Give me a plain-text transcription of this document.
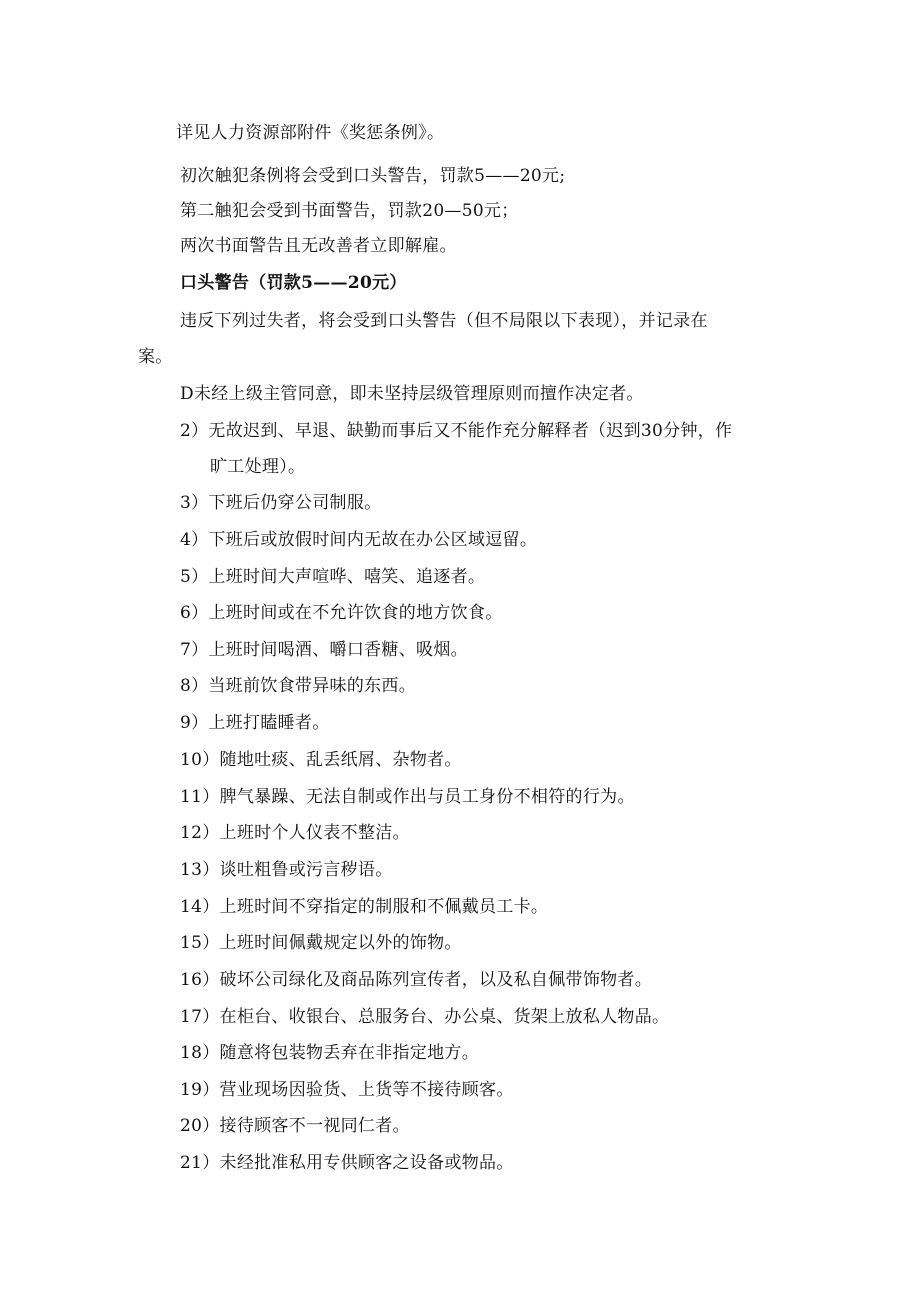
详见人力资源部附件《奖惩条例》。
初次触犯条例将会受到口头警告，罚款5——20元;
第二触犯会受到书面警告，罚款20—50元；
两次书面警告且无改善者立即解雇。
口头警告（罚款5——20元）
违反下列过失者，将会受到口头警告（但不局限以下表现），并记录在
案。
D未经上级主管同意，即未坚持层级管理原则而擅作决定者。
2）无故迟到、早退、缺勤而事后又不能作充分解释者（迟到30分钟，作
旷工处理）。
3）下班后仍穿公司制服。
4）下班后或放假时间内无故在办公区域逗留。
5）上班时间大声喧哗、嘻笑、追逐者。
6）上班时间或在不允许饮食的地方饮食。
7）上班时间喝酒、嚼口香糖、吸烟。
8）当班前饮食带异味的东西。
9）上班打瞌睡者。
10）随地吐痰、乱丢纸屑、杂物者。
11）脾气暴躁、无法自制或作出与员工身份不相符的行为。
12）上班时个人仪表不整洁。
13）谈吐粗鲁或污言秽语。
14）上班时间不穿指定的制服和不佩戴员工卡。
15）上班时间佩戴规定以外的饰物。
16）破坏公司绿化及商品陈列宣传者，以及私自佩带饰物者。
17）在柜台、收银台、总服务台、办公桌、货架上放私人物品。
18）随意将包装物丢弃在非指定地方。
19）营业现场因验货、上货等不接待顾客。
20）接待顾客不一视同仁者。
21）未经批准私用专供顾客之设备或物品。
